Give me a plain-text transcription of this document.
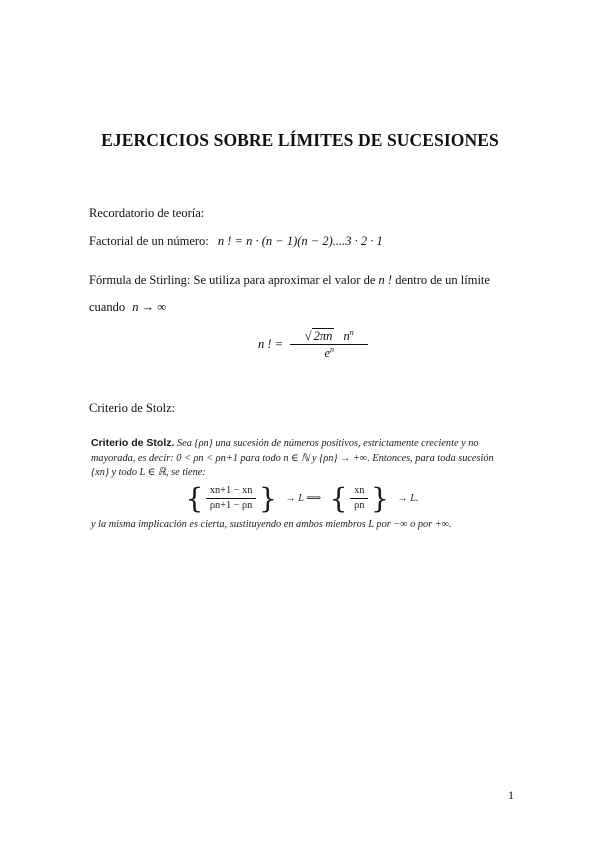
EJERCICIOS SOBRE LÍMITES DE SUCESIONES
Recordatorio de teoría:
Factorial de un número: n ! = n · (n − 1)(n − 2)....3 · 2 · 1
Fórmula de Stirling: Se utiliza para aproximar el valor de n ! dentro de un límite
cuando n → ∞
n ! = $\frac{√ 2\pi n n^n}{e^n}$
Criterio de Stolz:
Criterio de Stolz. Sea {ρn} una sucesión de números positivos, estrictamente creciente y no mayorada, es decir: 0 < ρn < ρn+1 para todo n ∈ ℕ y {ρn} → +∞. Entonces, para toda sucesión {xn} y todo L ∈ ℝ, se tiene:
{ $\frac{xn+1 - xn}{\rho n+1 - \rho n}$ } → L ⟹ { $\frac{xn}{\rho n}$ } → L.
y la misma implicación es cierta, sustituyendo en ambos miembros L por −∞ o por +∞.
1
